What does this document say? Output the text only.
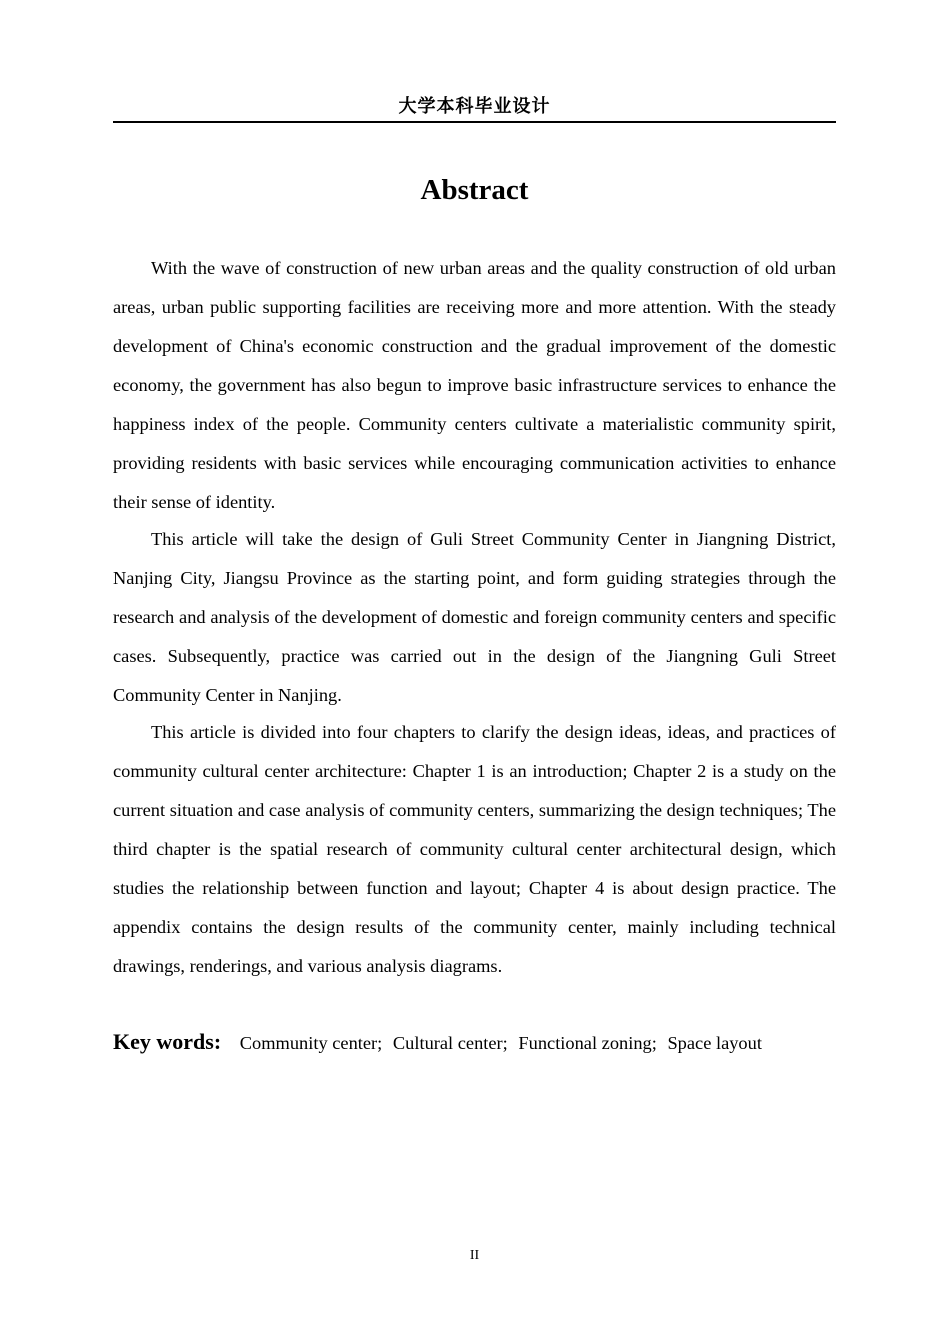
大学本科毕业设计
Abstract

With the wave of construction of new urban areas and the quality construction of old urban areas, urban public supporting facilities are receiving more and more attention. With the steady development of China's economic construction and the gradual improvement of the domestic economy, the government has also begun to improve basic infrastructure services to enhance the happiness index of the people. Community centers cultivate a materialistic community spirit, providing residents with basic services while encouraging communication activities to enhance their sense of identity.

This article will take the design of Guli Street Community Center in Jiangning District, Nanjing City, Jiangsu Province as the starting point, and form guiding strategies through the research and analysis of the development of domestic and foreign community centers and specific cases. Subsequently, practice was carried out in the design of the Jiangning Guli Street Community Center in Nanjing.

This article is divided into four chapters to clarify the design ideas, ideas, and practices of community cultural center architecture: Chapter 1 is an introduction; Chapter 2 is a study on the current situation and case analysis of community centers, summarizing the design techniques; The third chapter is the spatial research of community cultural center architectural design, which studies the relationship between function and layout; Chapter 4 is about design practice. The appendix contains the design results of the community center, mainly including technical drawings, renderings, and various analysis diagrams.

Key words: Community center; Cultural center; Functional zoning; Space layout
II
